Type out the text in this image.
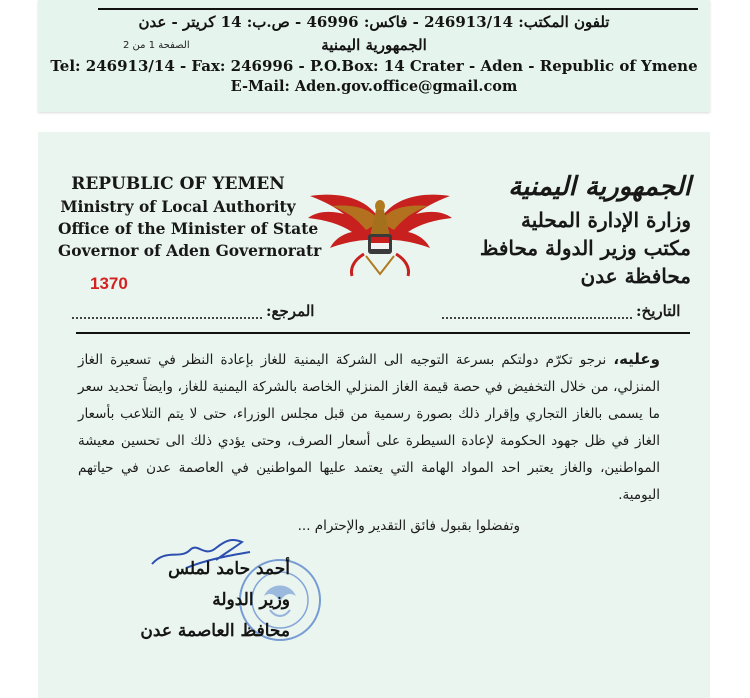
تلفون المكتب: 246913/14 - فاكس: 46996 - ص.ب: 14 كريتر - عدن
الصفحة 1 من 2	الجمهورية اليمنية
Tel: 246913/14 - Fax: 246996 - P.O.Box: 14 Crater - Aden - Republic of Ymene
E-Mail: Aden.gov.office@gmail.com
REPUBLIC OF YEMEN
Ministry of Local Authority
Office of the Minister of State
Governor of Aden Governoratr
1370
الجمهورية اليمنية
وزارة الإدارة المحلية
مكتب وزير الدولة محافظ محافظة عدن
المرجع:	التاريخ:

وعليه، نرجو تكرّم دولتكم بسرعة التوجيه الى الشركة اليمنية للغاز بإعادة النظر في تسعيرة الغاز المنزلي، من خلال التخفيض في حصة قيمة الغاز المنزلي الخاصة بالشركة اليمنية للغاز، وايضاً تحديد سعر ما يسمى بالغاز التجاري وإقرار ذلك بصورة رسمية من قبل مجلس الوزراء، حتى لا يتم التلاعب بأسعار الغاز في ظل جهود الحكومة لإعادة السيطرة على أسعار الصرف، وحتى يؤدي ذلك الى تحسين معيشة المواطنين، والغاز يعتبر احد المواد الهامة التي يعتمد عليها المواطنين في العاصمة عدن في حياتهم اليومية.

وتفضلوا بقبول فائق التقدير والإحترام ...
أحمد حامد لملس
وزير الدولة
محافظ العاصمة عدن
